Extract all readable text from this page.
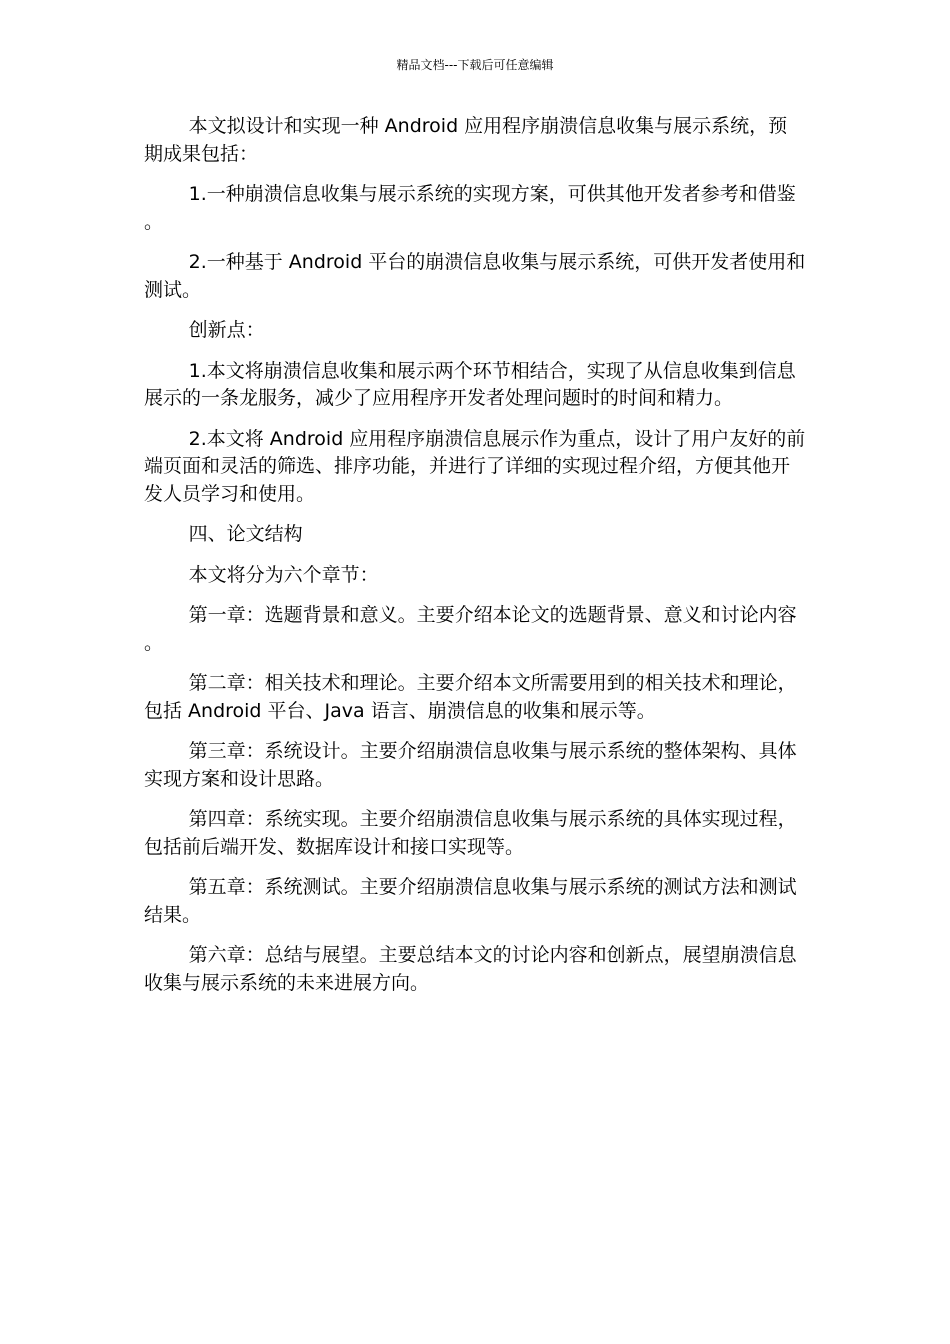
精品文档---下载后可任意编辑

本文拟设计和实现一种 Android 应用程序崩溃信息收集与展示系统，预期成果包括：

1.一种崩溃信息收集与展示系统的实现方案，可供其他开发者参考和借鉴。

2.一种基于 Android 平台的崩溃信息收集与展示系统，可供开发者使用和测试。

创新点：

1.本文将崩溃信息收集和展示两个环节相结合，实现了从信息收集到信息展示的一条龙服务，减少了应用程序开发者处理问题时的时间和精力。

2.本文将 Android 应用程序崩溃信息展示作为重点，设计了用户友好的前端页面和灵活的筛选、排序功能，并进行了详细的实现过程介绍，方便其他开发人员学习和使用。

四、论文结构

本文将分为六个章节：

第一章：选题背景和意义。主要介绍本论文的选题背景、意义和讨论内容。

第二章：相关技术和理论。主要介绍本文所需要用到的相关技术和理论，包括 Android 平台、Java 语言、崩溃信息的收集和展示等。

第三章：系统设计。主要介绍崩溃信息收集与展示系统的整体架构、具体实现方案和设计思路。

第四章：系统实现。主要介绍崩溃信息收集与展示系统的具体实现过程，包括前后端开发、数据库设计和接口实现等。

第五章：系统测试。主要介绍崩溃信息收集与展示系统的测试方法和测试结果。

第六章：总结与展望。主要总结本文的讨论内容和创新点，展望崩溃信息收集与展示系统的未来进展方向。
